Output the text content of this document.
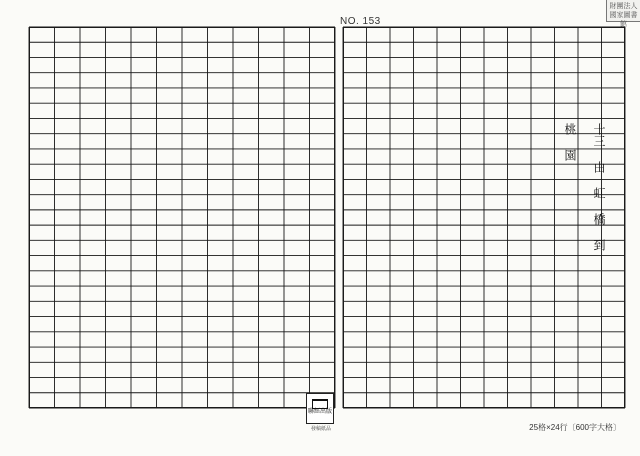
NO. 153
聯經出版
發稿紙品	25格×24行〔600字大格〕
十三 由 虹 橋 到 桃 園
財團法人 國家圖書館
